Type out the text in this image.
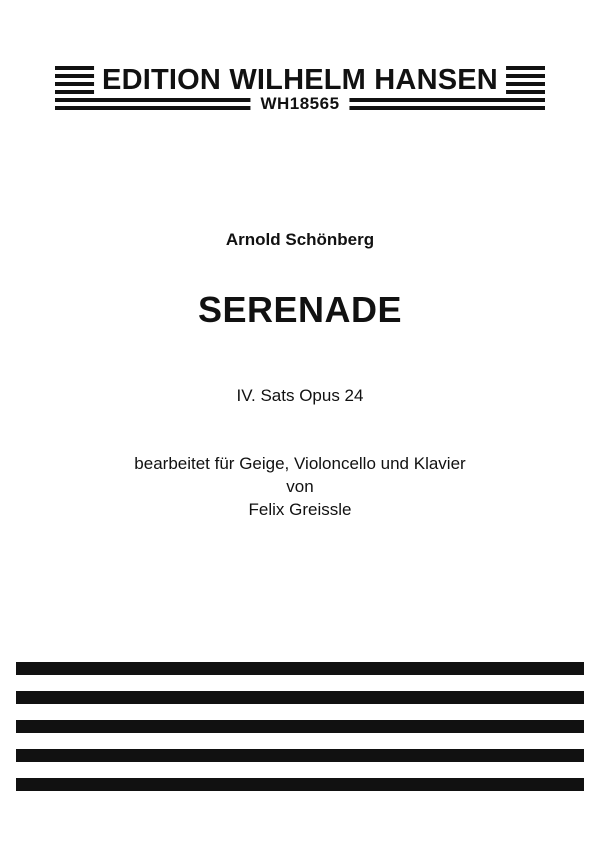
EDITION WILHELM HANSEN
WH18565
Arnold Schönberg
SERENADE
IV. Sats Opus 24
bearbeitet für Geige, Violoncello und Klavier
von
Felix Greissle
